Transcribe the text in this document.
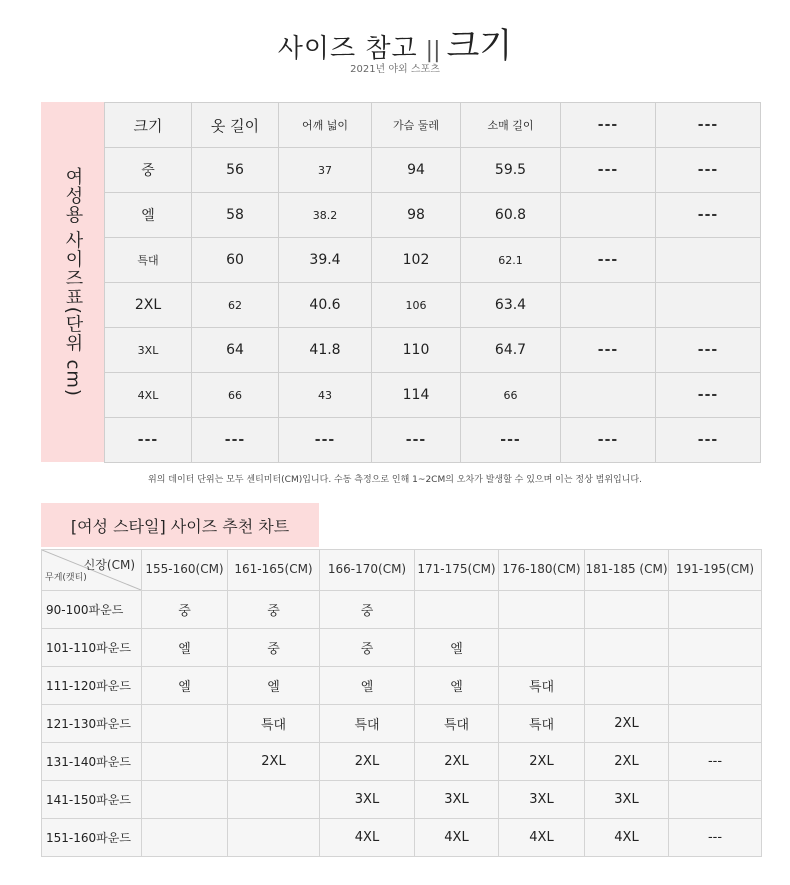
사이즈 참고 || 크기
2021년 야외 스포츠
여성용 사이즈표(단위 cm)
크기	옷 길이	어깨 넓이	가슴 둘레	소매 길이	---	---
중	56	37	94	59.5	---	---
엘	58	38.2	98	60.8		---
특대	60	39.4	102	62.1	---	
2XL	62	40.6	106	63.4		
3XL	64	41.8	110	64.7	---	---
4XL	66	43	114	66		---
---	---	---	---	---	---	---
위의 데이터 단위는 모두 센티미터(CM)입니다. 수동 측정으로 인해 1~2CM의 오차가 발생할 수 있으며 이는 정상 범위입니다.
[여성 스타일] 사이즈 추천 차트
신장(CM)
무게(캣티)	155-160(CM)	161-165(CM)	166-170(CM)	171-175(CM)	176-180(CM)	181-185 (CM)	191-195(CM)
90-100파운드	중	중	중				
101-110파운드	엘	중	중	엘			
111-120파운드	엘	엘	엘	엘	특대		
121-130파운드		특대	특대	특대	특대	2XL	
131-140파운드		2XL	2XL	2XL	2XL	2XL	---
141-150파운드			3XL	3XL	3XL	3XL	
151-160파운드			4XL	4XL	4XL	4XL	---
